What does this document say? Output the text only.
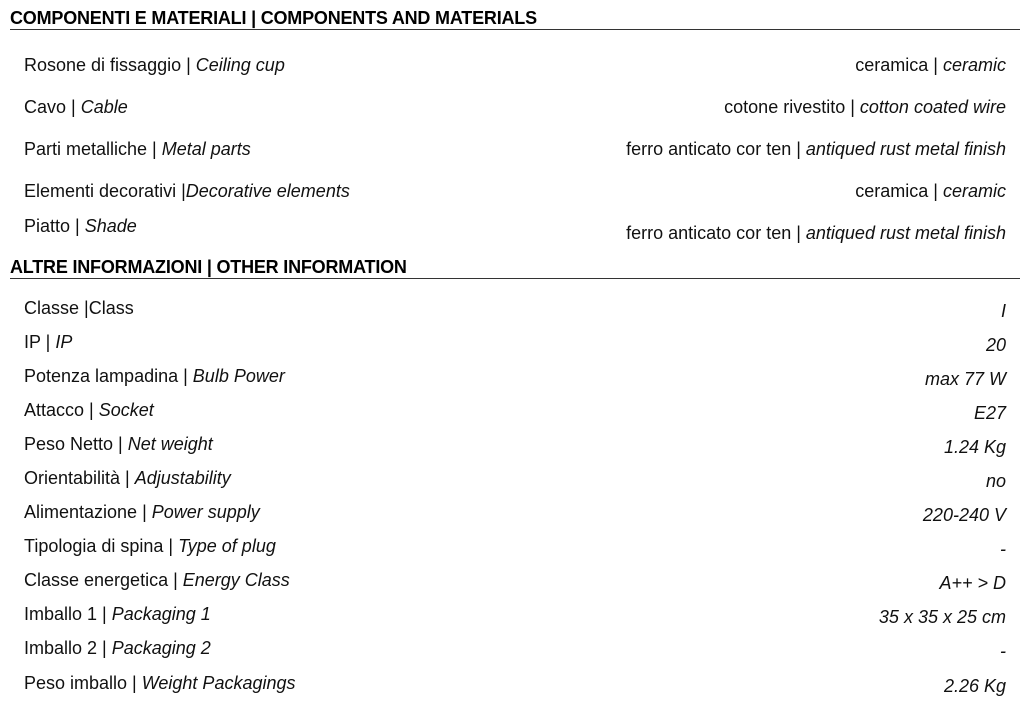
COMPONENTI E MATERIALI | COMPONENTS AND MATERIALS
Rosone di fissaggio | Ceiling cup	ceramica | ceramic
Cavo | Cable	cotone rivestito | cotton coated wire
Parti metalliche | Metal parts	ferro anticato cor ten | antiqued rust metal finish
Elementi decorativi |Decorative elements	ceramica | ceramic
Piatto | Shade	ferro anticato cor ten | antiqued rust metal finish
ALTRE INFORMAZIONI | OTHER INFORMATION
Classe |Class	I
IP | IP	20
Potenza lampadina | Bulb Power	max 77 W
Attacco | Socket	E27
Peso Netto | Net weight	1.24 Kg
Orientabilità | Adjustability	no
Alimentazione | Power supply	220-240 V
Tipologia di spina | Type of plug	-
Classe energetica | Energy Class	A++ > D
Imballo 1 | Packaging 1	35 x 35 x 25 cm
Imballo 2 | Packaging 2	-
Peso imballo | Weight Packagings	2.26 Kg
